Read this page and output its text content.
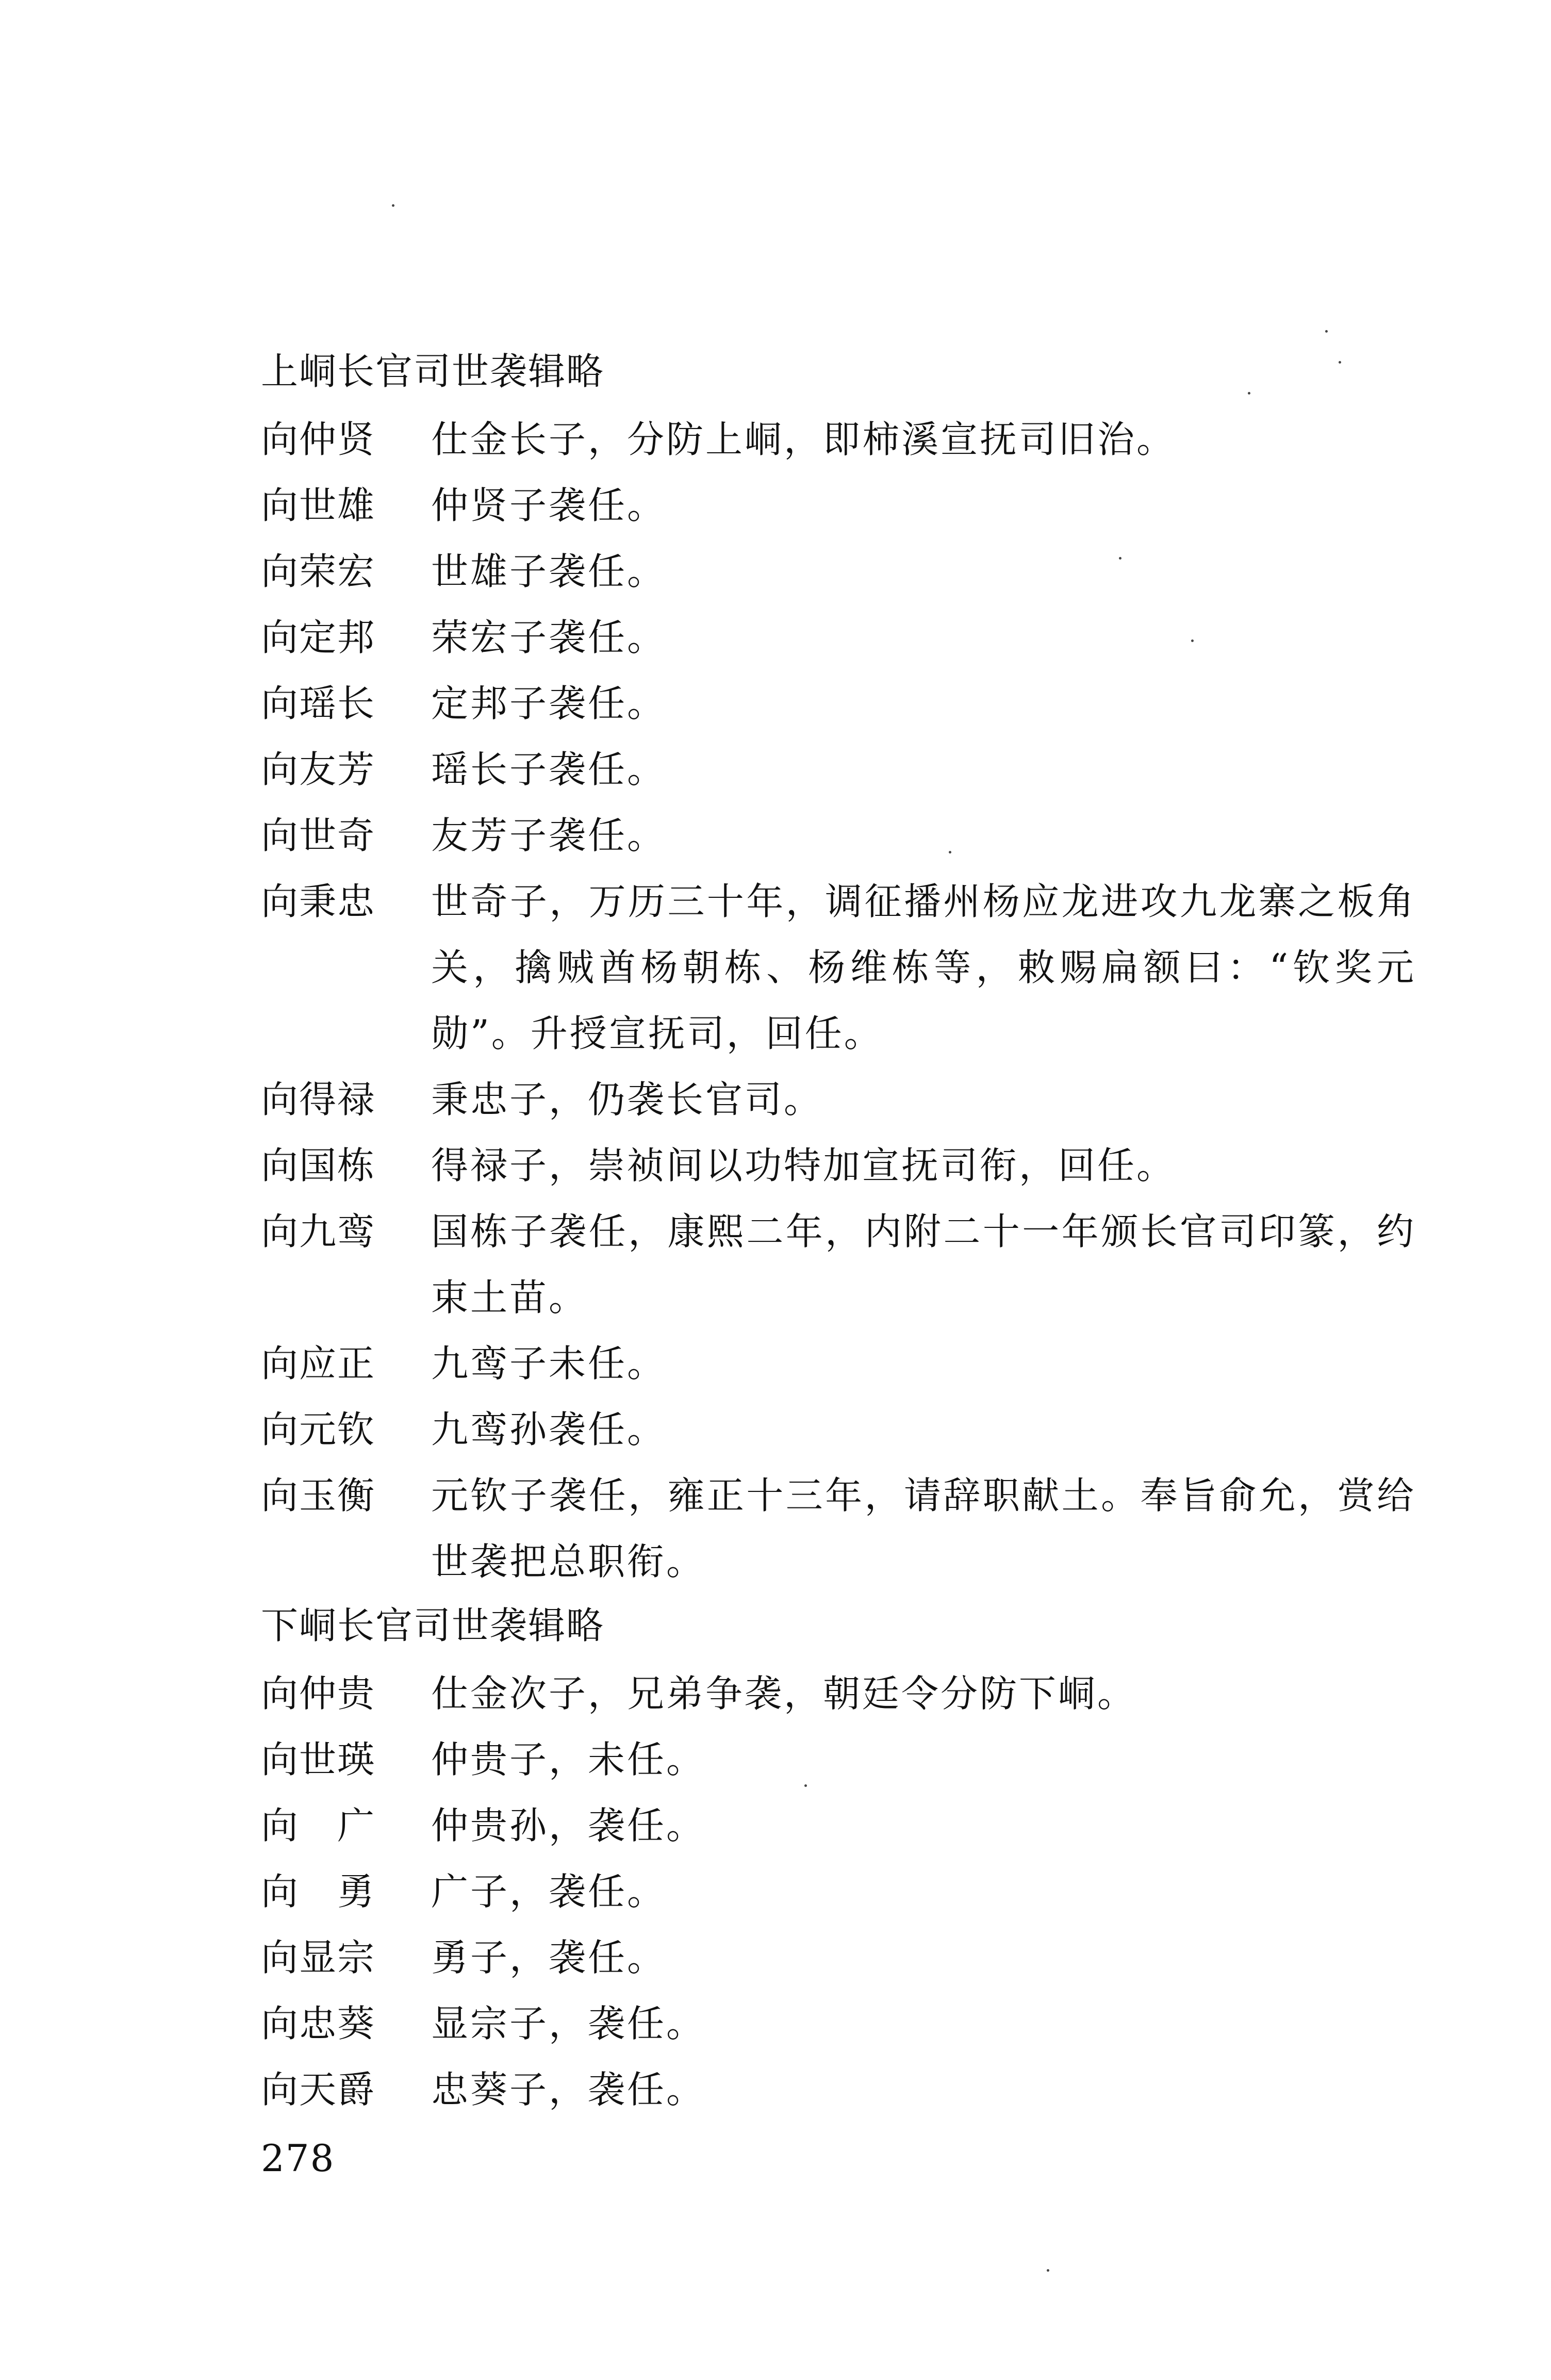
上峒长官司世袭辑略
向仲贤	仕金长子，分防上峒，即柿溪宣抚司旧治。
向世雄	仲贤子袭任。
向荣宏	世雄子袭任。
向定邦	荣宏子袭任。
向瑶长	定邦子袭任。
向友芳	瑶长子袭任。
向世奇	友芳子袭任。
向秉忠	世奇子，万历三十年，调征播州杨应龙进攻九龙寨之板角关，擒贼酋杨朝栋、杨维栋等，敕赐扁额曰：“钦奖元勋”。升授宣抚司，回任。
向得禄	秉忠子，仍袭长官司。
向国栋	得禄子，崇祯间以功特加宣抚司衔，回任。
向九鸾	国栋子袭任，康熙二年，内附二十一年颁长官司印篆，约束土苗。
向应正	九鸾子未任。
向元钦	九鸾孙袭任。
向玉衡	元钦子袭任，雍正十三年，请辞职献土。奉旨俞允，赏给世袭把总职衔。
下峒长官司世袭辑略
向仲贵	仕金次子，兄弟争袭，朝廷令分防下峒。
向世瑛	仲贵子，未任。
向　广	仲贵孙，袭任。
向　勇	广子，袭任。
向显宗	勇子，袭任。
向忠葵	显宗子，袭任。
向天爵	忠葵子，袭任。
278
